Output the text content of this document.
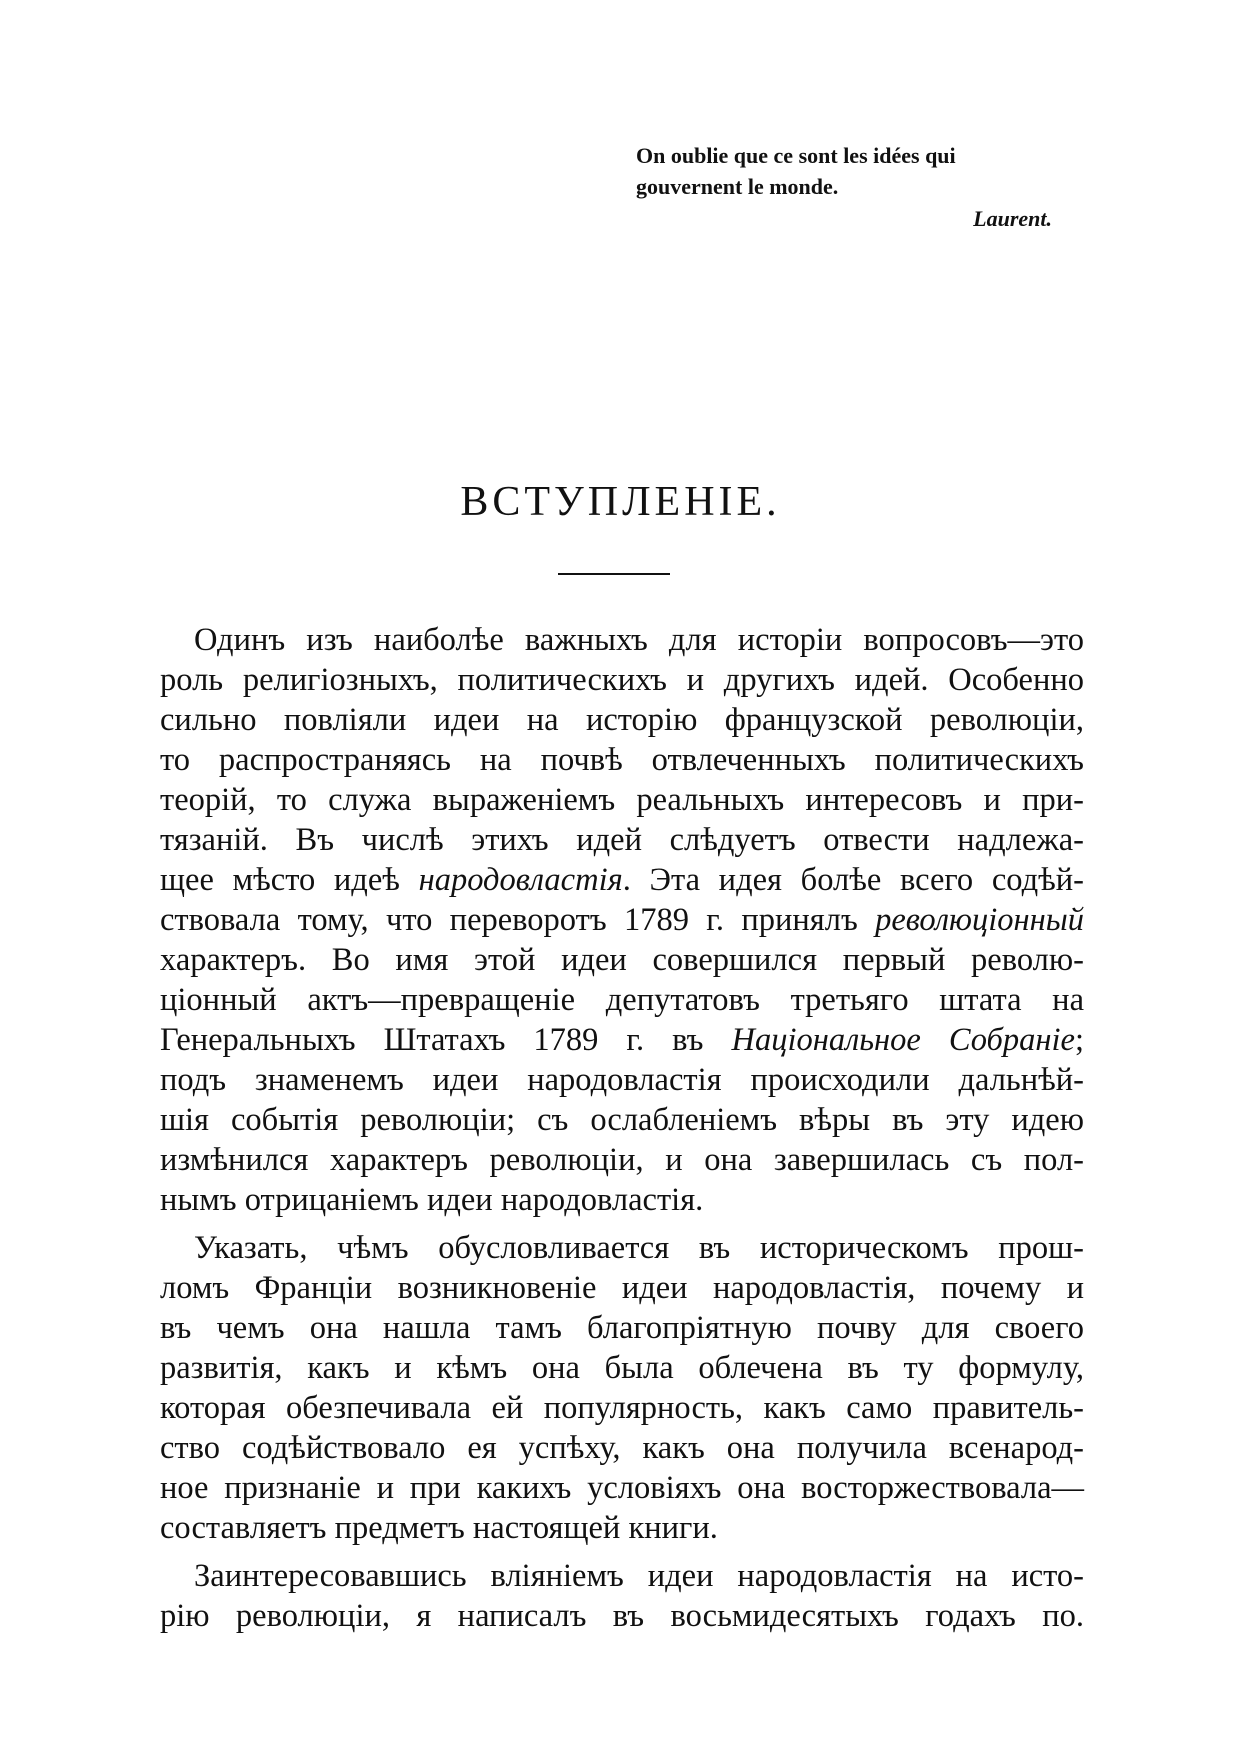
On oublie que ce sont les idées qui
gouvernent le monde.
Laurent.
ВСТУПЛЕНІЕ.
Одинъ изъ наиболѣе важныхъ для исторіи вопросовъ—это
роль религіозныхъ, политическихъ и другихъ идей. Особенно
сильно повліяли идеи на исторію французской революціи,
то распространяясь на почвѣ отвлеченныхъ политическихъ
теорій, то служа выраженіемъ реальныхъ интересовъ и при-
тязаній. Въ числѣ этихъ идей слѣдуетъ отвести надлежа-
щее мѣсто идеѣ народовластія. Эта идея болѣе всего содѣй-
ствовала тому, что переворотъ 1789 г. принялъ революціонный
характеръ. Во имя этой идеи совершился первый револю-
ціонный актъ—превращеніе депутатовъ третьяго штата на
Генеральныхъ Штатахъ 1789 г. въ Національное Собраніе;
подъ знаменемъ идеи народовластія происходили дальнѣй-
шія событія революціи; съ ослабленіемъ вѣры въ эту идею
измѣнился характеръ революціи, и она завершилась съ пол-
нымъ отрицаніемъ идеи народовластія.
Указать, чѣмъ обусловливается въ историческомъ прош-
ломъ Франціи возникновеніе идеи народовластія, почему и
въ чемъ она нашла тамъ благопріятную почву для своего
развитія, какъ и кѣмъ она была облечена въ ту формулу,
которая обезпечивала ей популярность, какъ само правитель-
ство содѣйствовало ея успѣху, какъ она получила всенарод-
ное признаніе и при какихъ условіяхъ она восторжествовала—
составляетъ предметъ настоящей книги.
Заинтересовавшись вліяніемъ идеи народовластія на исто-
рію революціи, я написалъ въ восьмидесятыхъ годахъ по.
